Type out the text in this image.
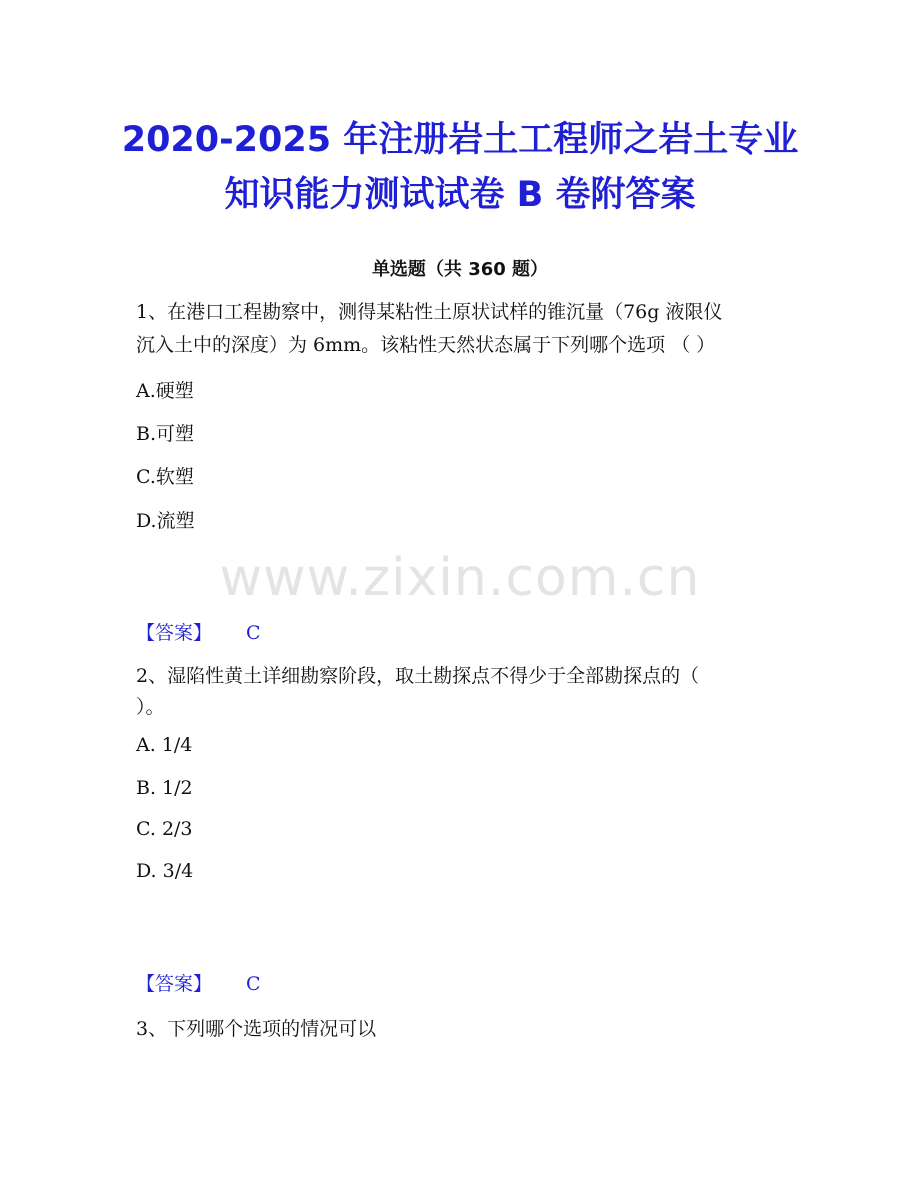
2020-2025 年注册岩土工程师之岩土专业
知识能力测试试卷 B 卷附答案
单选题（共 360 题）
1、在港口工程勘察中，测得某粘性土原状试样的锥沉量（76g 液限仪
沉入土中的深度）为 6mm。该粘性天然状态属于下列哪个选项 （ ）
A.硬塑
B.可塑
C.软塑
D.流塑
www.zixin.com.cn
【答案】 C
2、湿陷性黄土详细勘察阶段，取土勘探点不得少于全部勘探点的（
）。
A. 1/4
B. 1/2
C. 2/3
D. 3/4
【答案】 C
3、下列哪个选项的情况可以
